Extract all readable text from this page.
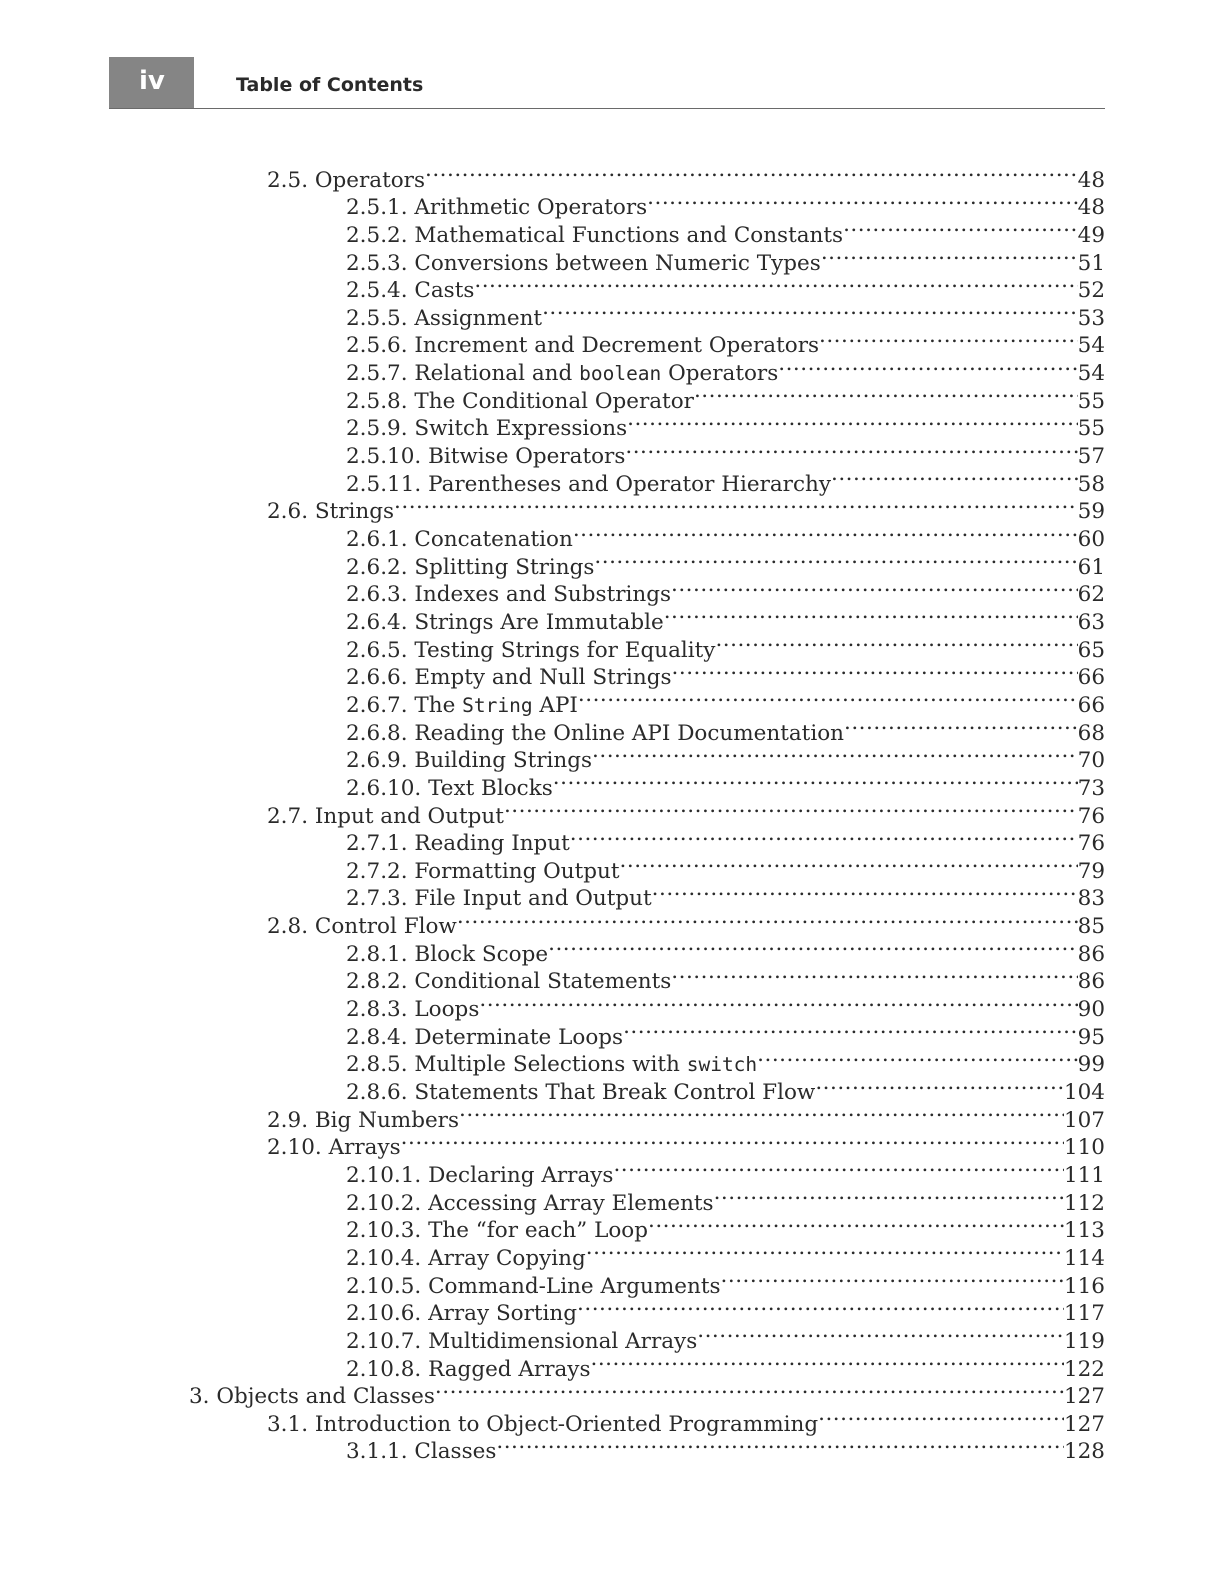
iv	Table of Contents
2.5. Operators .....	48
2.5.1. Arithmetic Operators .....	48
2.5.2. Mathematical Functions and Constants .....	49
2.5.3. Conversions between Numeric Types .....	51
2.5.4. Casts .....	52
2.5.5. Assignment .....	53
2.5.6. Increment and Decrement Operators .....	54
2.5.7. Relational and boolean Operators .....	54
2.5.8. The Conditional Operator .....	55
2.5.9. Switch Expressions .....	55
2.5.10. Bitwise Operators .....	57
2.5.11. Parentheses and Operator Hierarchy .....	58
2.6. Strings .....	59
2.6.1. Concatenation .....	60
2.6.2. Splitting Strings .....	61
2.6.3. Indexes and Substrings .....	62
2.6.4. Strings Are Immutable .....	63
2.6.5. Testing Strings for Equality .....	65
2.6.6. Empty and Null Strings .....	66
2.6.7. The String API .....	66
2.6.8. Reading the Online API Documentation .....	68
2.6.9. Building Strings .....	70
2.6.10. Text Blocks .....	73
2.7. Input and Output .....	76
2.7.1. Reading Input .....	76
2.7.2. Formatting Output .....	79
2.7.3. File Input and Output .....	83
2.8. Control Flow .....	85
2.8.1. Block Scope .....	86
2.8.2. Conditional Statements .....	86
2.8.3. Loops .....	90
2.8.4. Determinate Loops .....	95
2.8.5. Multiple Selections with switch .....	99
2.8.6. Statements That Break Control Flow .....	104
2.9. Big Numbers .....	107
2.10. Arrays .....	110
2.10.1. Declaring Arrays .....	111
2.10.2. Accessing Array Elements .....	112
2.10.3. The “for each” Loop .....	113
2.10.4. Array Copying .....	114
2.10.5. Command-Line Arguments .....	116
2.10.6. Array Sorting .....	117
2.10.7. Multidimensional Arrays .....	119
2.10.8. Ragged Arrays .....	122
3. Objects and Classes .....	127
3.1. Introduction to Object-Oriented Programming .....	127
3.1.1. Classes .....	128
